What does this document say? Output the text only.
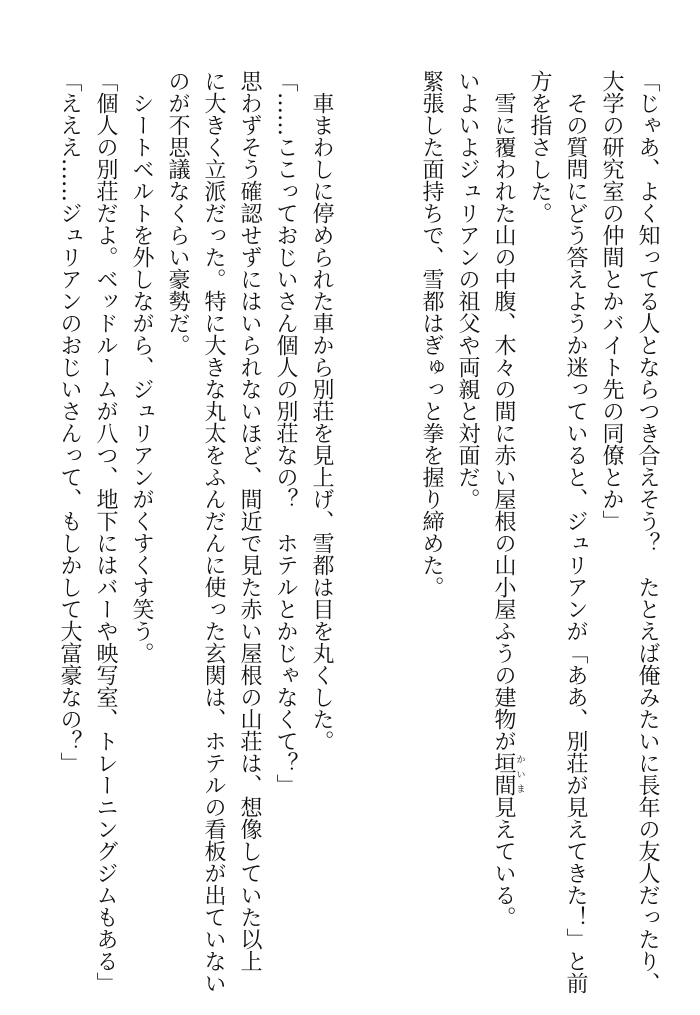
「じゃあ、よく知ってる人とならつき合えそう？　たとえば俺みたいに長年の友人だったり、
大学の研究室の仲間とかバイト先の同僚とか」
　その質問にどう答えようか迷っていると、ジュリアンが「ああ、別荘が見えてきた！」と前
方を指さした。
　雪に覆われた山の中腹、木々の間に赤い屋根の山小屋ふうの建物が垣間かいま見えている。
いよいよジュリアンの祖父や両親と対面だ。
緊張した面持ちで、雪都はぎゅっと拳を握り締めた。
　車まわしに停められた車から別荘を見上げ、雪都は目を丸くした。
「……ここっておじいさん個人の別荘なの？　ホテルとかじゃなくて？」
思わずそう確認せずにはいられないほど、間近で見た赤い屋根の山荘は、想像していた以上
に大きく立派だった。特に大きな丸太をふんだんに使った玄関は、ホテルの看板が出ていない
のが不思議なくらい豪勢だ。
　シートベルトを外しながら、ジュリアンがくすくす笑う。
「個人の別荘だよ。ベッドルームが八つ、地下にはバーや映写室、トレーニングジムもある」
「えええ……ジュリアンのおじいさんって、もしかして大富豪なの？」
